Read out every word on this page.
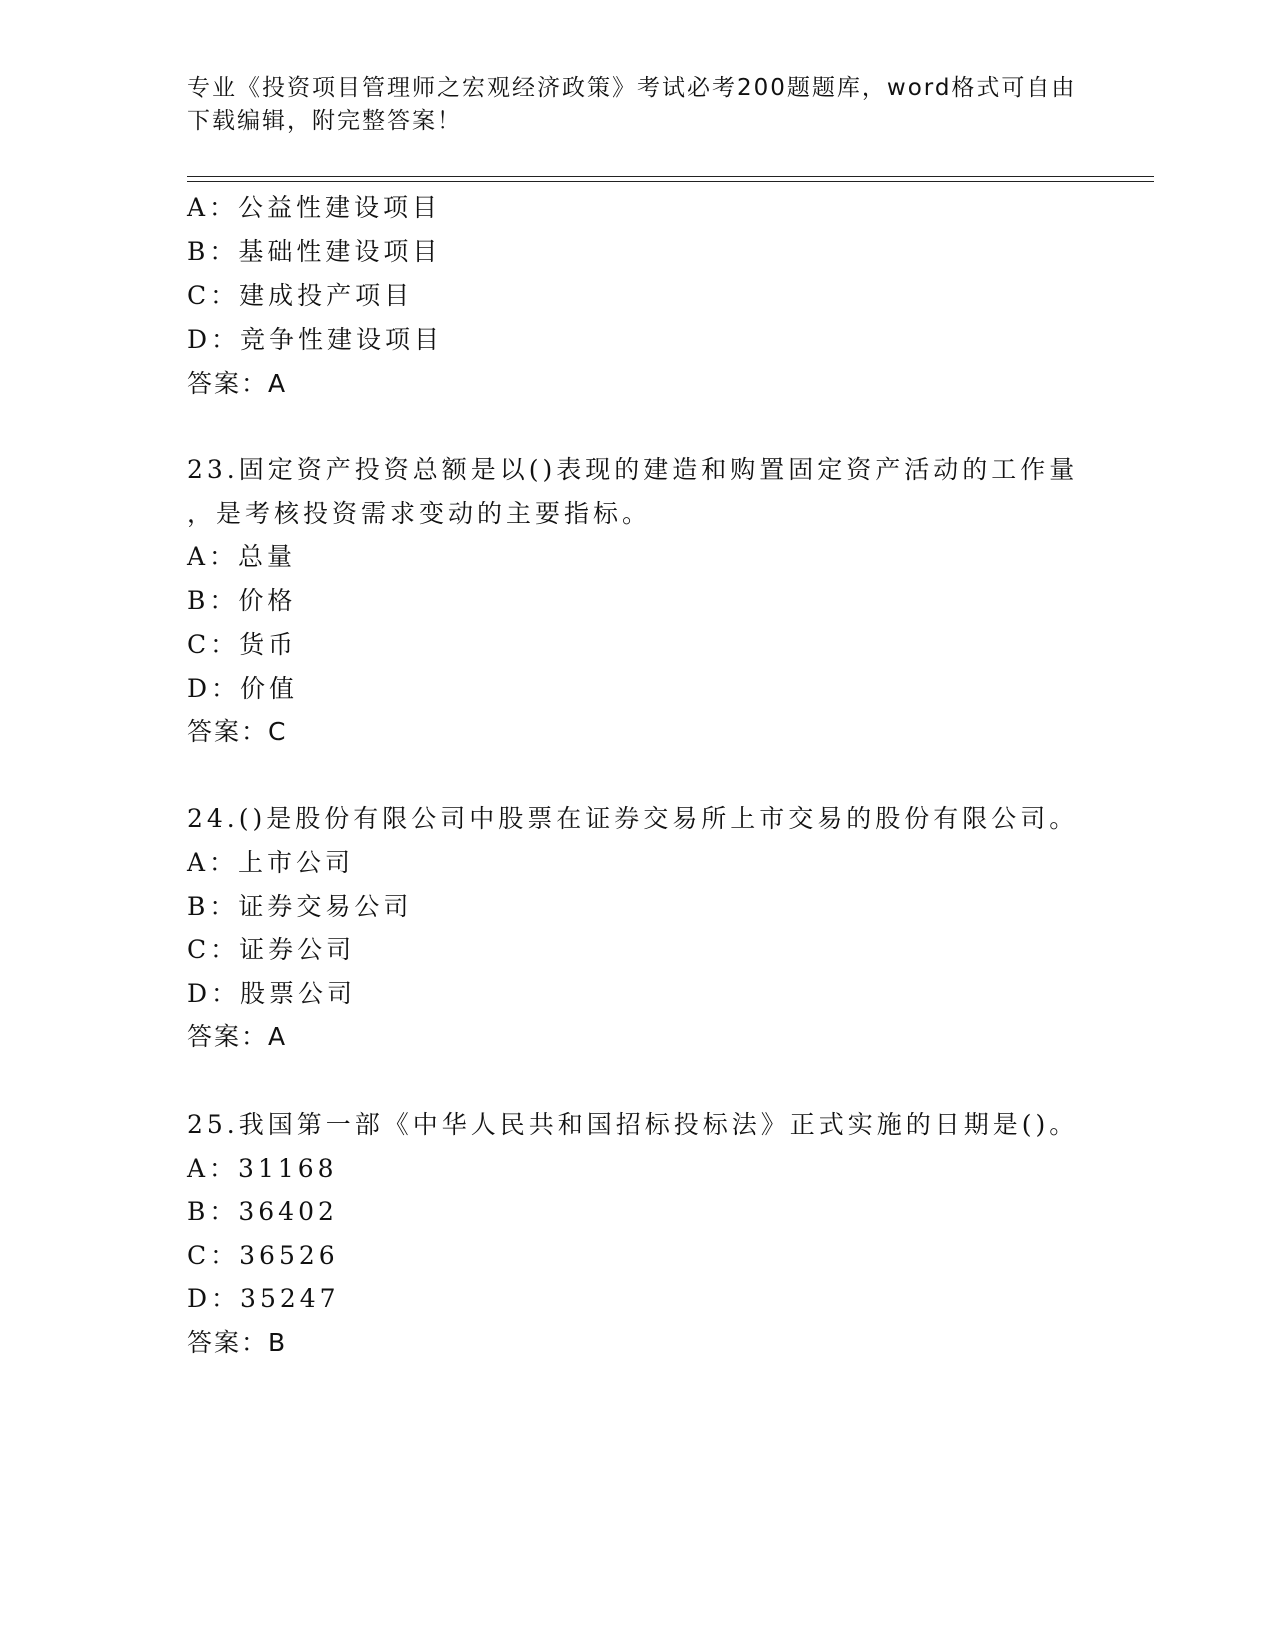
专业《投资项目管理师之宏观经济政策》考试必考200题题库，word格式可自由
下载编辑，附完整答案！
A：公益性建设项目
B：基础性建设项目
C：建成投产项目
D：竞争性建设项目
答案：A
23.固定资产投资总额是以()表现的建造和购置固定资产活动的工作量
，是考核投资需求变动的主要指标。
A：总量
B：价格
C：货币
D：价值
答案：C
24.()是股份有限公司中股票在证券交易所上市交易的股份有限公司。
A：上市公司
B：证券交易公司
C：证券公司
D：股票公司
答案：A
25.我国第一部《中华人民共和国招标投标法》正式实施的日期是()。
A：31168
B：36402
C：36526
D：35247
答案：B
